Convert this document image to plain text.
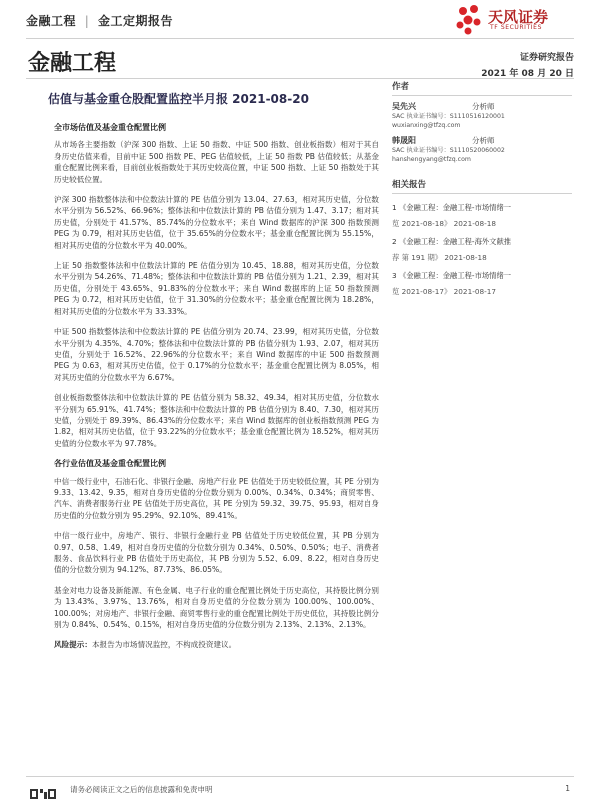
金融工程 | 金工定期报告	天风证券
TF SECURITIES
金融工程	证券研究报告
2021 年 08 月 20 日
估值与基金重仓股配置监控半月报 2021-08-20
全市场估值及基金重仓配置比例

从市场各主要指数（沪深 300 指数、上证 50 指数、中证 500 指数、创业板指数）相对于其自身历史估值来看，目前中证 500 指数 PE、PEG 估值较低，上证 50 指数 PB 估值较低；从基金重仓配置比例来看，目前创业板指数处于其历史较高位置，中证 500 指数、上证 50 指数处于其历史较低位置。

沪深 300 指数整体法和中位数法计算的 PE 估值分别为 13.04、27.63，相对其历史值，分位数水平分别为 56.52%、66.96%；整体法和中位数法计算的 PB 估值分别为 1.47、3.17；相对其历史值，分别处于 41.57%、85.74%的分位数水平；来自 Wind 数据库的沪深 300 指数预测 PEG 为 0.79，相对其历史估值，位于 35.65%的分位数水平；基金重仓配置比例为 55.15%，相对其历史值的分位数水平为 40.00%。

上证 50 指数整体法和中位数法计算的 PE 估值分别为 10.45、18.88，相对其历史值，分位数水平分别为 54.26%、71.48%；整体法和中位数法计算的 PB 估值分别为 1.21、2.39，相对其历史值，分别处于 43.65%、91.83%的分位数水平；来自 Wind 数据库的上证 50 指数预测 PEG 为 0.72，相对其历史估值，位于 31.30%的分位数水平；基金重仓配置比例为 18.28%，相对其历史值的分位数水平为 33.33%。

中证 500 指数整体法和中位数法计算的 PE 估值分别为 20.74、23.99，相对其历史值，分位数水平分别为 4.35%、4.70%；整体法和中位数法计算的 PB 估值分别为 1.93、2.07，相对其历史值，分别处于 16.52%、22.96%的分位数水平；来自 Wind 数据库的中证 500 指数预测 PEG 为 0.63，相对其历史估值，位于 0.17%的分位数水平；基金重仓配置比例为 8.05%，相对其历史值的分位数水平为 6.67%。

创业板指数整体法和中位数法计算的 PE 估值分别为 58.32、49.34，相对其历史值，分位数水平分别为 65.91%、41.74%；整体法和中位数法计算的 PB 估值分别为 8.40、7.30，相对其历史值，分别处于 89.39%、86.43%的分位数水平；来自 Wind 数据库的创业板指数预测 PEG 为 1.82，相对其历史估值，位于 93.22%的分位数水平；基金重仓配置比例为 18.52%，相对其历史值的分位数水平为 97.78%。

各行业估值及基金重仓配置比例

中信一级行业中，石油石化、非银行金融、房地产行业 PE 估值处于历史较低位置，其 PE 分别为 9.33、13.42、9.35，相对自身历史值的分位数分别为 0.00%、0.34%、0.34%；商贸零售、汽车、消费者服务行业 PE 估值处于历史高位，其 PE 分别为 59.32、39.75、95.93，相对自身历史值的分位数分别为 95.29%、92.10%、89.41%。

中信一级行业中，房地产、银行、非银行金融行业 PB 估值处于历史较低位置，其 PB 分别为 0.97、0.58、1.49，相对自身历史值的分位数分别为 0.34%、0.50%、0.50%；电子、消费者服务、食品饮料行业 PB 估值处于历史高位，其 PB 分别为 5.52、6.09、8.22，相对自身历史值的分位数分别为 94.12%、87.73%、86.05%。

基金对电力设备及新能源、有色金属、电子行业的重仓配置比例处于历史高位，其持股比例分别为 13.43%、3.97%、13.76%，相对自身历史值的分位数分别为 100.00%、100.00%、100.00%；对房地产、非银行金融、商贸零售行业的重仓配置比例处于历史低位，其持股比例分别为 0.84%、0.54%、0.15%，相对自身历史值的分位数分别为 2.13%、2.13%、2.13%。

风险提示：本报告为市场情况监控，不构成投资建议。

作者
吴先兴	分析师
SAC 执业证书编号：S1110516120001
wuxianxing@tfzq.com
韩晟阳	分析师
SAC 执业证书编号：S1110520060002
hanshengyang@tfzq.com
相关报告
1 《金融工程：金融工程-市场情绪一
览 2021-08-18》 2021-08-18
2 《金融工程：金融工程-海外文献推
荐 第 191 期》 2021-08-18
3 《金融工程：金融工程-市场情绪一
览 2021-08-17》 2021-08-17
请务必阅读正文之后的信息披露和免责申明	1
